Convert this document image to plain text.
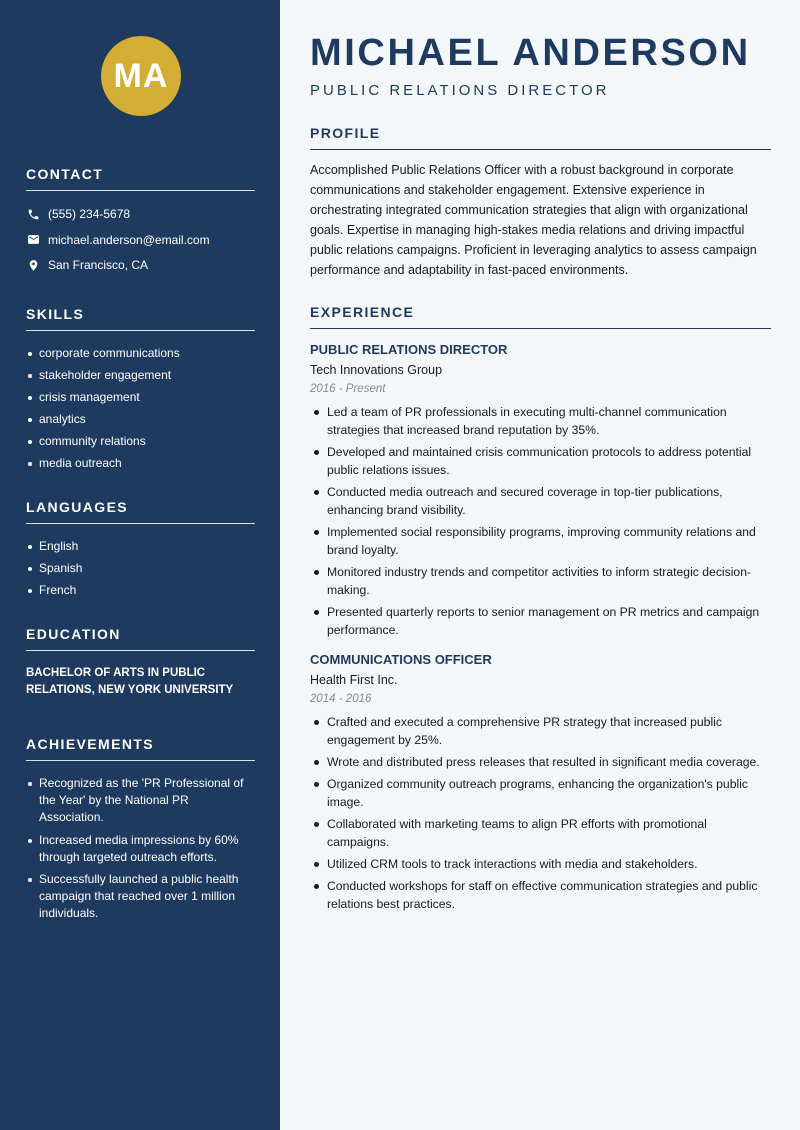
MA
CONTACT
(555) 234-5678
michael.anderson@email.com
San Francisco, CA
SKILLS
corporate communications
stakeholder engagement
crisis management
analytics
community relations
media outreach
LANGUAGES
English
Spanish
French
EDUCATION
BACHELOR OF ARTS IN PUBLIC RELATIONS, NEW YORK UNIVERSITY
ACHIEVEMENTS
Recognized as the 'PR Professional of the Year' by the National PR Association.
Increased media impressions by 60% through targeted outreach efforts.
Successfully launched a public health campaign that reached over 1 million individuals.
MICHAEL ANDERSON
PUBLIC RELATIONS DIRECTOR
PROFILE

Accomplished Public Relations Officer with a robust background in corporate communications and stakeholder engagement. Extensive experience in orchestrating integrated communication strategies that align with organizational goals. Expertise in managing high-stakes media relations and driving impactful public relations campaigns. Proficient in leveraging analytics to assess campaign performance and adaptability in fast-paced environments.

EXPERIENCE
PUBLIC RELATIONS DIRECTOR
Tech Innovations Group
2016 - Present
Led a team of PR professionals in executing multi-channel communication strategies that increased brand reputation by 35%.
Developed and maintained crisis communication protocols to address potential public relations issues.
Conducted media outreach and secured coverage in top-tier publications, enhancing brand visibility.
Implemented social responsibility programs, improving community relations and brand loyalty.
Monitored industry trends and competitor activities to inform strategic decision-making.
Presented quarterly reports to senior management on PR metrics and campaign performance.
COMMUNICATIONS OFFICER
Health First Inc.
2014 - 2016
Crafted and executed a comprehensive PR strategy that increased public engagement by 25%.
Wrote and distributed press releases that resulted in significant media coverage.
Organized community outreach programs, enhancing the organization's public image.
Collaborated with marketing teams to align PR efforts with promotional campaigns.
Utilized CRM tools to track interactions with media and stakeholders.
Conducted workshops for staff on effective communication strategies and public relations best practices.
